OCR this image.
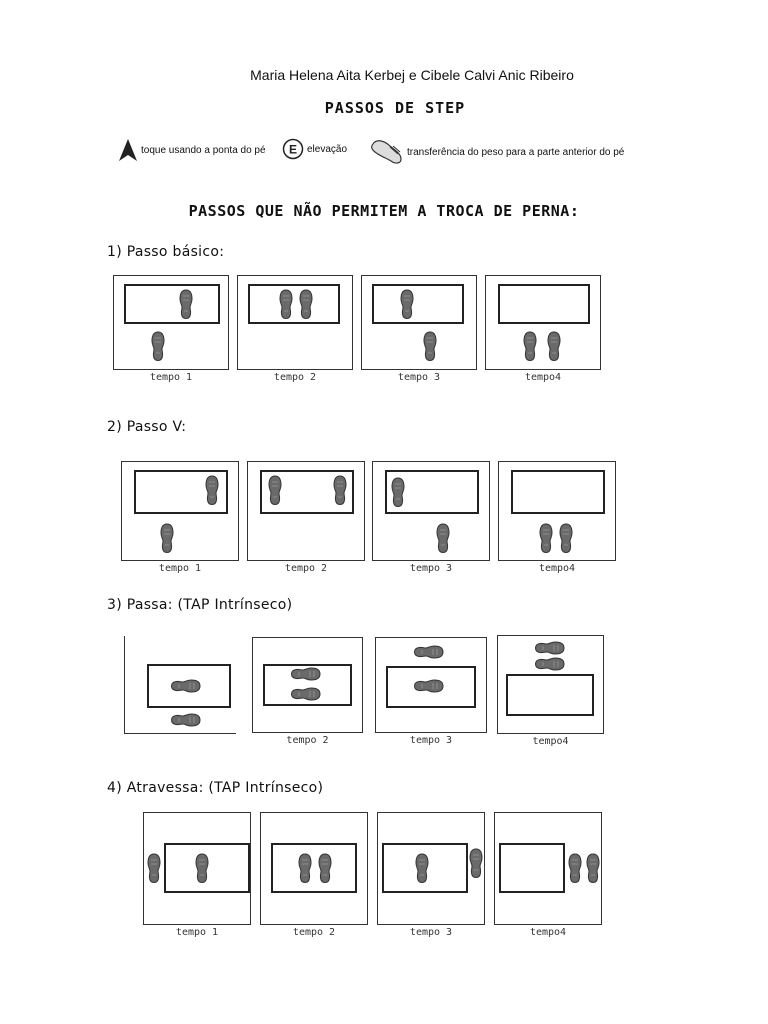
Maria Helena Aita Kerbej e Cibele Calvi Anic Ribeiro
PASSOS DE STEP
toque usando a ponta do pé E elevação	transferência do peso para a parte anterior do pé
PASSOS QUE NÃO PERMITEM A TROCA DE PERNA:
1) Passo básico:
2) Passo V:
3) Passa: (TAP Intrínseco)
4) Atravessa: (TAP Intrínseco)
tempo 1	tempo 2	tempo 3	tempo4
tempo 1	tempo 2	tempo 3	tempo4
tempo 2	tempo 3	tempo4
tempo 1	tempo 2	tempo 3	tempo4
